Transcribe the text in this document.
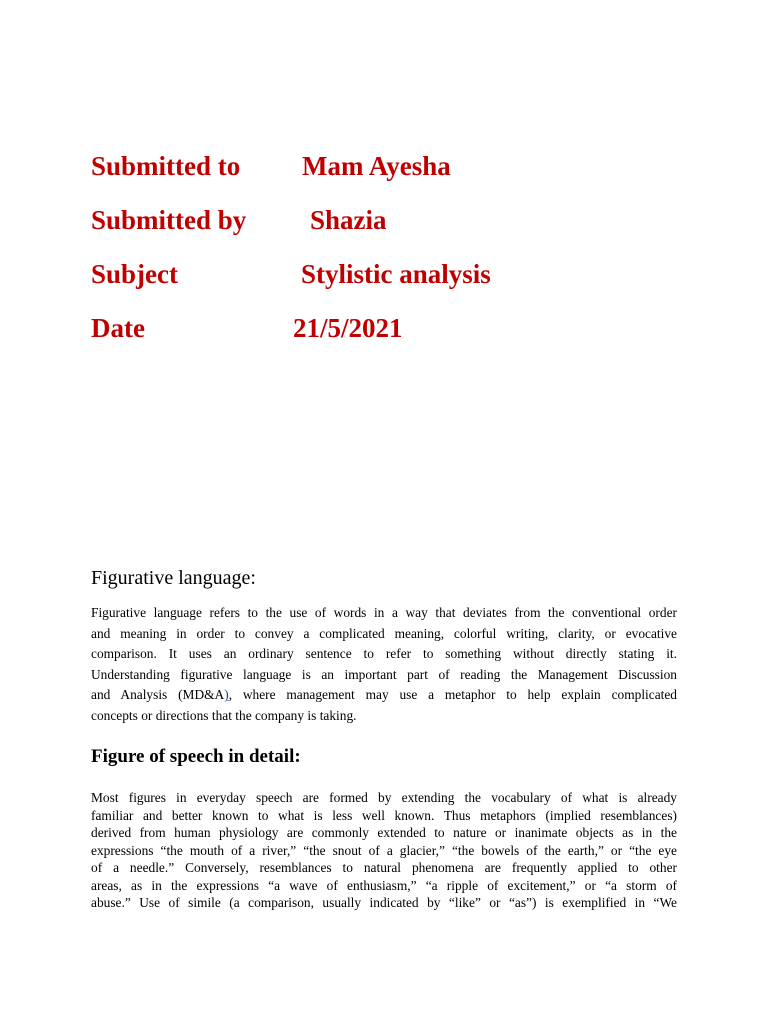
Submitted to Mam Ayesha
Submitted by Shazia
Subject	Stylistic analysis
Date	21/5/2021
Figurative language:
Figurative language refers to the use of words in a way that deviates from the conventional order
and meaning in order to convey a complicated meaning, colorful writing, clarity, or evocative
comparison. It uses an ordinary sentence to refer to something without directly stating it.
Understanding figurative language is an important part of reading the Management Discussion
and Analysis (MD&A), where management may use a metaphor to help explain complicated
concepts or directions that the company is taking.
Figure of speech in detail:
Most figures in everyday speech are formed by extending the vocabulary of what is already
familiar and better known to what is less well known. Thus metaphors (implied resemblances)
derived from human physiology are commonly extended to nature or inanimate objects as in the
expressions “the mouth of a river,” “the snout of a glacier,” “the bowels of the earth,” or “the eye
of a needle.” Conversely, resemblances to natural phenomena are frequently applied to other
areas, as in the expressions “a wave of enthusiasm,” “a ripple of excitement,” or “a storm of
abuse.” Use of simile (a comparison, usually indicated by “like” or “as”) is exemplified in “We
